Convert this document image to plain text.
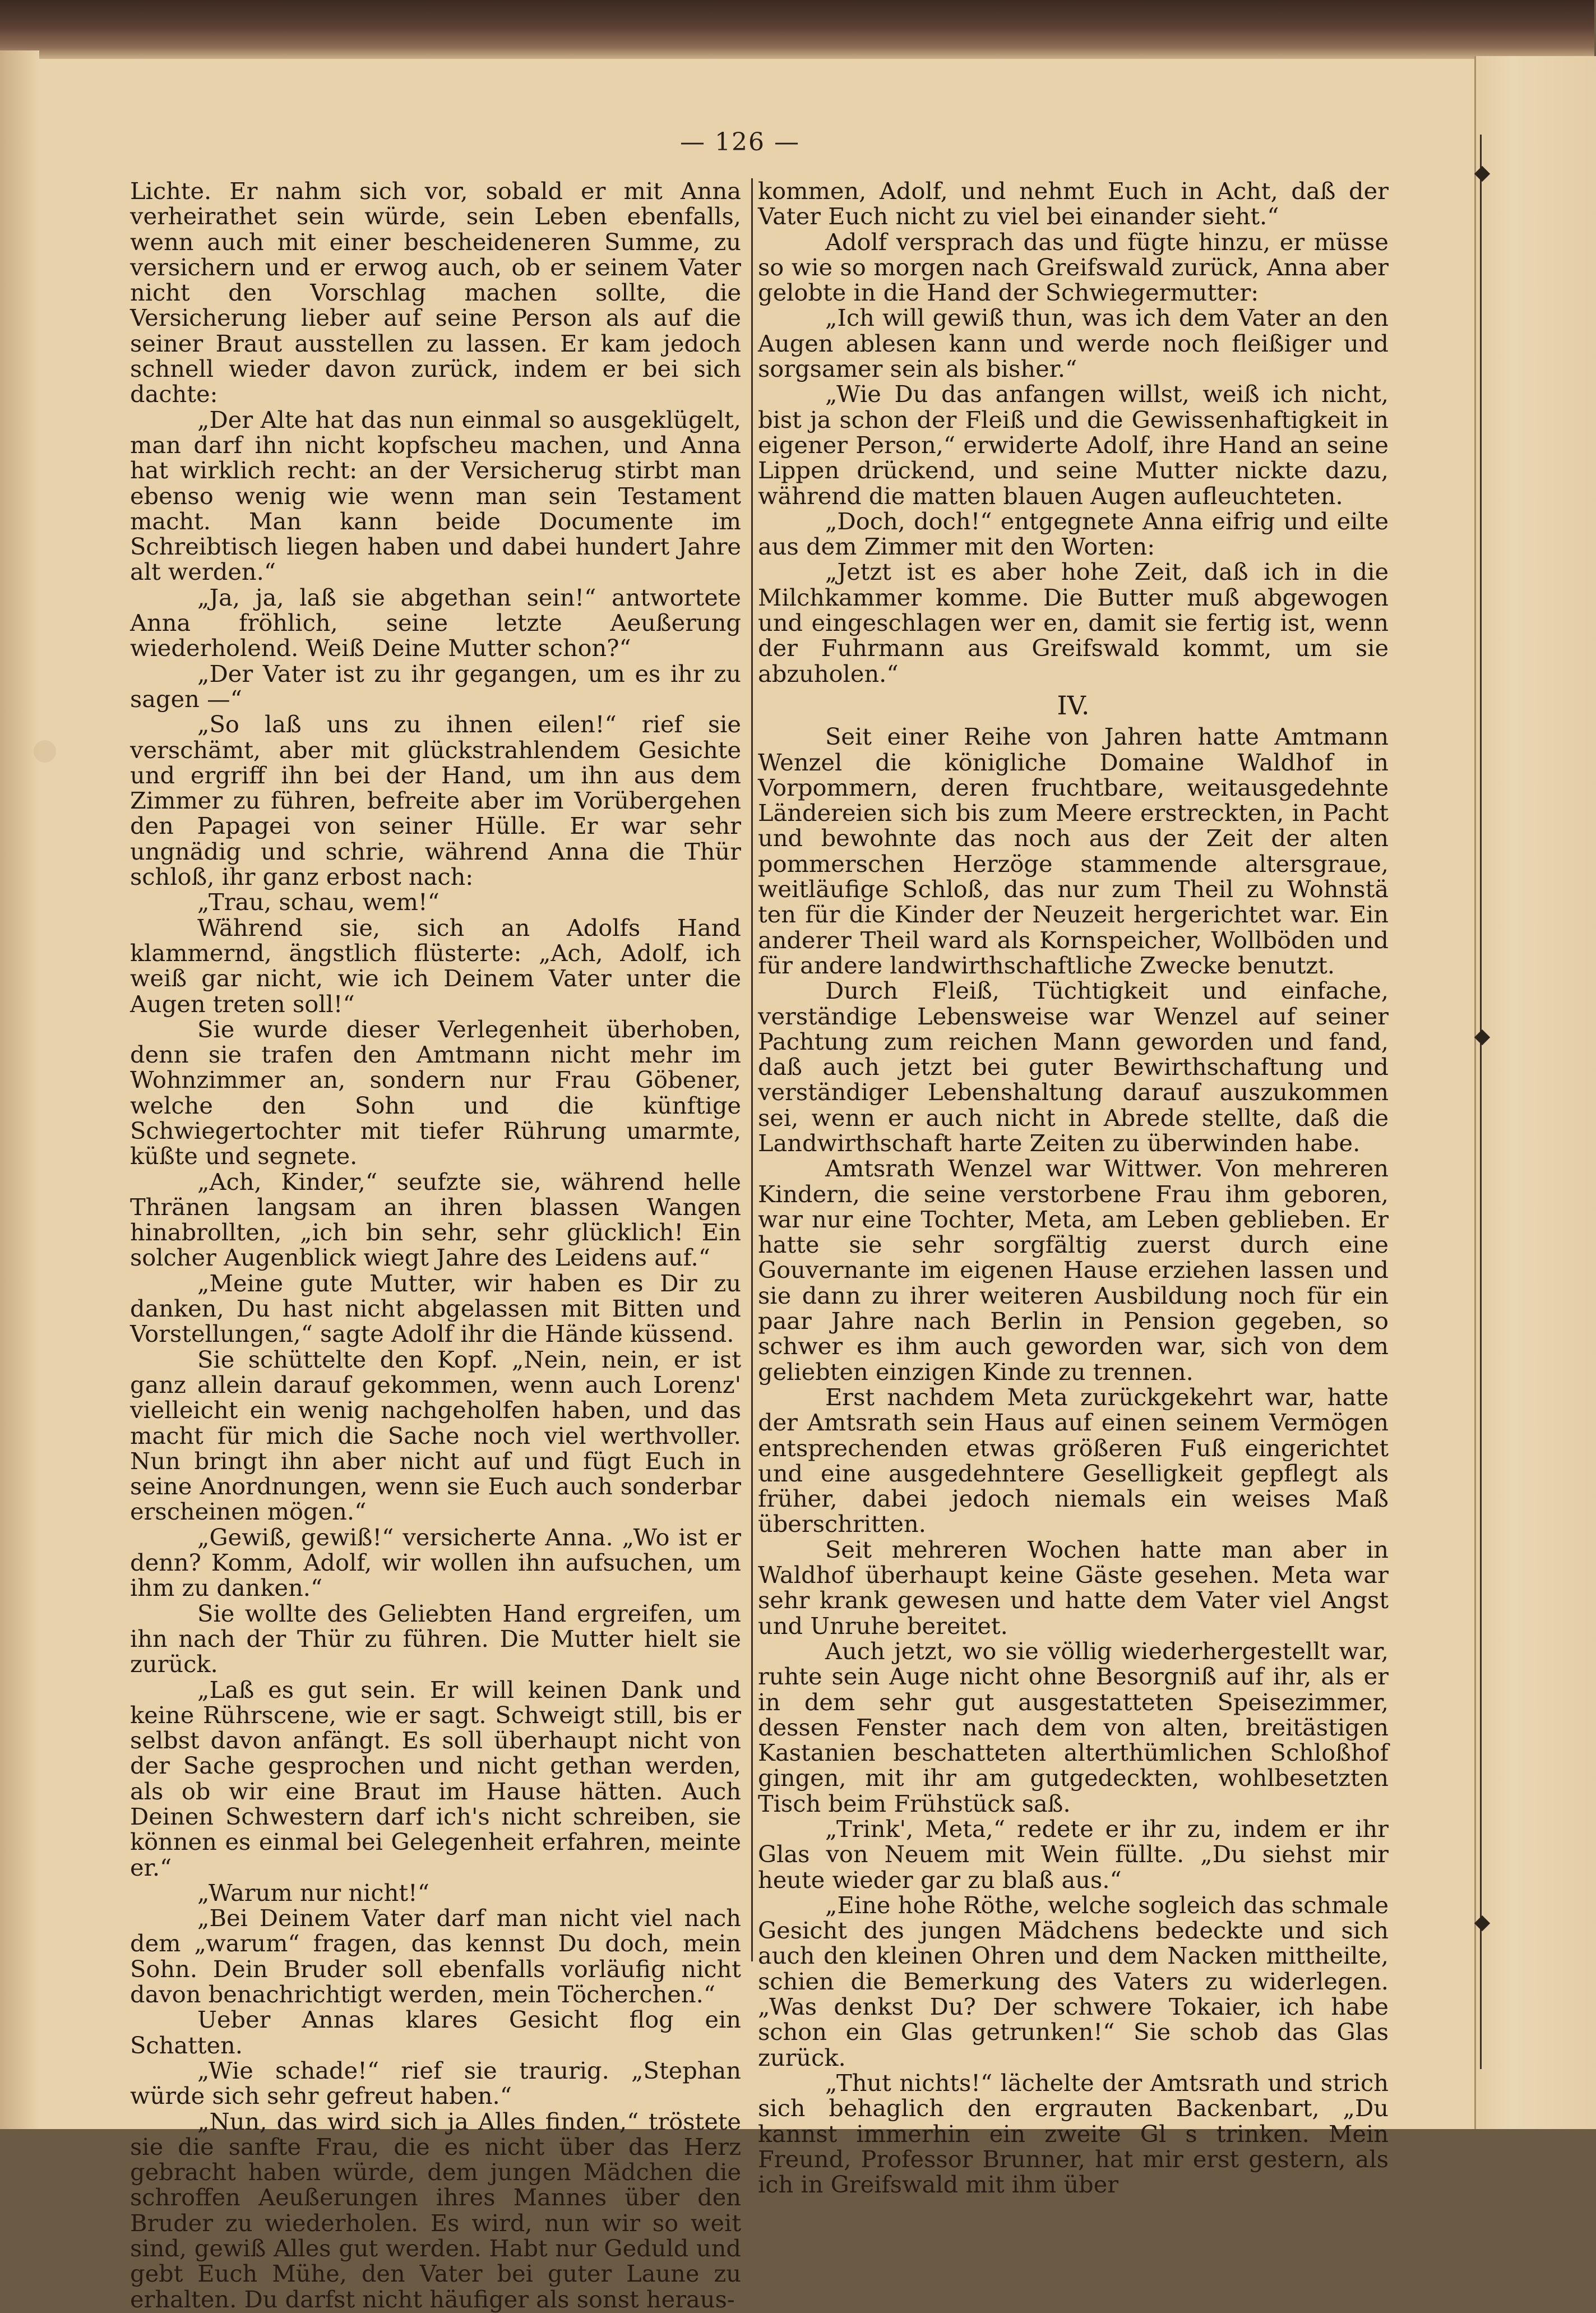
— 126 —

Lichte. Er nahm sich vor, sobald er mit Anna verheirathet sein würde, sein Leben ebenfalls, wenn auch mit einer bescheideneren Summe, zu versichern und er erwog auch, ob er seinem Vater nicht den Vorschlag machen sollte, die Versicherung lieber auf seine Person als auf die seiner Braut ausstellen zu lassen. Er kam jedoch schnell wieder davon zurück, indem er bei sich dachte:

„Der Alte hat das nun einmal so ausgeklügelt, man darf ihn nicht kopfscheu machen, und Anna hat wirklich recht: an der Versicherug stirbt man ebenso wenig wie wenn man sein Testament macht. Man kann beide Documente im Schreibtisch liegen haben und dabei hundert Jahre alt werden.“

„Ja, ja, laß sie abgethan sein!“ antwortete Anna fröhlich, seine letzte Aeußerung wiederholend. Weiß Deine Mutter schon?“

„Der Vater ist zu ihr gegangen, um es ihr zu sagen —“

„So laß uns zu ihnen eilen!“ rief sie verschämt, aber mit glückstrahlendem Gesichte und ergriff ihn bei der Hand, um ihn aus dem Zimmer zu führen, befreite aber im Vorübergehen den Papagei von seiner Hülle. Er war sehr ungnädig und schrie, während Anna die Thür schloß, ihr ganz erbost nach:

„Trau, schau, wem!“

Während sie, sich an Adolfs Hand klammernd, ängstlich flüsterte: „Ach, Adolf, ich weiß gar nicht, wie ich Deinem Vater unter die Augen treten soll!“

Sie wurde dieser Verlegenheit überhoben, denn sie trafen den Amtmann nicht mehr im Wohnzimmer an, sondern nur Frau Göbener, welche den Sohn und die künftige Schwiegertochter mit tiefer Rührung umarmte, küßte und segnete.

„Ach, Kinder,“ seufzte sie, während helle Thränen langsam an ihren blassen Wangen hinabrollten, „ich bin sehr, sehr glücklich! Ein solcher Augenblick wiegt Jahre des Leidens auf.“

„Meine gute Mutter, wir haben es Dir zu danken, Du hast nicht abgelassen mit Bitten und Vorstellungen,“ sagte Adolf ihr die Hände küssend.

Sie schüttelte den Kopf. „Nein, nein, er ist ganz allein darauf gekommen, wenn auch Lorenz' vielleicht ein wenig nachgeholfen haben, und das macht für mich die Sache noch viel werthvoller. Nun bringt ihn aber nicht auf und fügt Euch in seine Anordnungen, wenn sie Euch auch sonderbar erscheinen mögen.“

„Gewiß, gewiß!“ versicherte Anna. „Wo ist er denn? Komm, Adolf, wir wollen ihn aufsuchen, um ihm zu danken.“

Sie wollte des Geliebten Hand ergreifen, um ihn nach der Thür zu führen. Die Mutter hielt sie zurück.

„Laß es gut sein. Er will keinen Dank und keine Rührscene, wie er sagt. Schweigt still, bis er selbst davon anfängt. Es soll überhaupt nicht von der Sache gesprochen und nicht gethan werden, als ob wir eine Braut im Hause hätten. Auch Deinen Schwestern darf ich's nicht schreiben, sie können es einmal bei Gelegenheit erfahren, meinte er.“

„Warum nur nicht!“

„Bei Deinem Vater darf man nicht viel nach dem „warum“ fragen, das kennst Du doch, mein Sohn. Dein Bruder soll ebenfalls vorläufig nicht davon benachrichtigt werden, mein Töcherchen.“

Ueber Annas klares Gesicht flog ein Schatten.

„Wie schade!“ rief sie traurig. „Stephan würde sich sehr gefreut haben.“

„Nun, das wird sich ja Alles finden,“ tröstete sie die sanfte Frau, die es nicht über das Herz gebracht haben würde, dem jungen Mädchen die schroffen Aeußerungen ihres Mannes über den Bruder zu wiederholen. Es wird, nun wir so weit sind, gewiß Alles gut werden. Habt nur Geduld und gebt Euch Mühe, den Vater bei guter Laune zu erhalten. Du darfst nicht häufiger als sonst heraus-

kommen, Adolf, und nehmt Euch in Acht, daß der Vater Euch nicht zu viel bei einander sieht.“

Adolf versprach das und fügte hinzu, er müsse so wie so morgen nach Greifswald zurück, Anna aber gelobte in die Hand der Schwiegermutter:

„Ich will gewiß thun, was ich dem Vater an den Augen ablesen kann und werde noch fleißiger und sorgsamer sein als bisher.“

„Wie Du das anfangen willst, weiß ich nicht, bist ja schon der Fleiß und die Gewissenhaftigkeit in eigener Person,“ erwiderte Adolf, ihre Hand an seine Lippen drückend, und seine Mutter nickte dazu, während die matten blauen Augen aufleuchteten.

„Doch, doch!“ entgegnete Anna eifrig und eilte aus dem Zimmer mit den Worten:

„Jetzt ist es aber hohe Zeit, daß ich in die Milchkammer komme. Die Butter muß abgewogen und eingeschlagen wer en, damit sie fertig ist, wenn der Fuhrmann aus Greifswald kommt, um sie abzuholen.“

IV.

Seit einer Reihe von Jahren hatte Amtmann Wenzel die königliche Domaine Waldhof in Vorpommern, deren fruchtbare, weitausgedehnte Ländereien sich bis zum Meere erstreckten, in Pacht und bewohnte das noch aus der Zeit der alten pommerschen Herzöge stammende altersgraue, weitläufige Schloß, das nur zum Theil zu Wohnstä ten für die Kinder der Neuzeit hergerichtet war. Ein anderer Theil ward als Kornspeicher, Wollböden und für andere landwirthschaftliche Zwecke benutzt.

Durch Fleiß, Tüchtigkeit und einfache, verständige Lebensweise war Wenzel auf seiner Pachtung zum reichen Mann geworden und fand, daß auch jetzt bei guter Bewirthschaftung und verständiger Lebenshaltung darauf auszukommen sei, wenn er auch nicht in Abrede stellte, daß die Landwirthschaft harte Zeiten zu überwinden habe.

Amtsrath Wenzel war Wittwer. Von mehreren Kindern, die seine verstorbene Frau ihm geboren, war nur eine Tochter, Meta, am Leben geblieben. Er hatte sie sehr sorgfältig zuerst durch eine Gouvernante im eigenen Hause erziehen lassen und sie dann zu ihrer weiteren Ausbildung noch für ein paar Jahre nach Berlin in Pension gegeben, so schwer es ihm auch geworden war, sich von dem geliebten einzigen Kinde zu trennen.

Erst nachdem Meta zurückgekehrt war, hatte der Amtsrath sein Haus auf einen seinem Vermögen entsprechenden etwas größeren Fuß eingerichtet und eine ausgedehntere Geselligkeit gepflegt als früher, dabei jedoch niemals ein weises Maß überschritten.

Seit mehreren Wochen hatte man aber in Waldhof überhaupt keine Gäste gesehen. Meta war sehr krank gewesen und hatte dem Vater viel Angst und Unruhe bereitet.

Auch jetzt, wo sie völlig wiederhergestellt war, ruhte sein Auge nicht ohne Besorgniß auf ihr, als er in dem sehr gut ausgestatteten Speisezimmer, dessen Fenster nach dem von alten, breitästigen Kastanien beschatteten alterthümlichen Schloßhof gingen, mit ihr am gutgedeckten, wohlbesetzten Tisch beim Frühstück saß.

„Trink', Meta,“ redete er ihr zu, indem er ihr Glas von Neuem mit Wein füllte. „Du siehst mir heute wieder gar zu blaß aus.“

„Eine hohe Röthe, welche sogleich das schmale Gesicht des jungen Mädchens bedeckte und sich auch den kleinen Ohren und dem Nacken mittheilte, schien die Bemerkung des Vaters zu widerlegen. „Was denkst Du? Der schwere Tokaier, ich habe schon ein Glas getrunken!“ Sie schob das Glas zurück.

„Thut nichts!“ lächelte der Amtsrath und strich sich behaglich den ergrauten Backenbart, „Du kannst immerhin ein zweite Gl s trinken. Mein Freund, Professor Brunner, hat mir erst gestern, als ich in Greifswald mit ihm über
